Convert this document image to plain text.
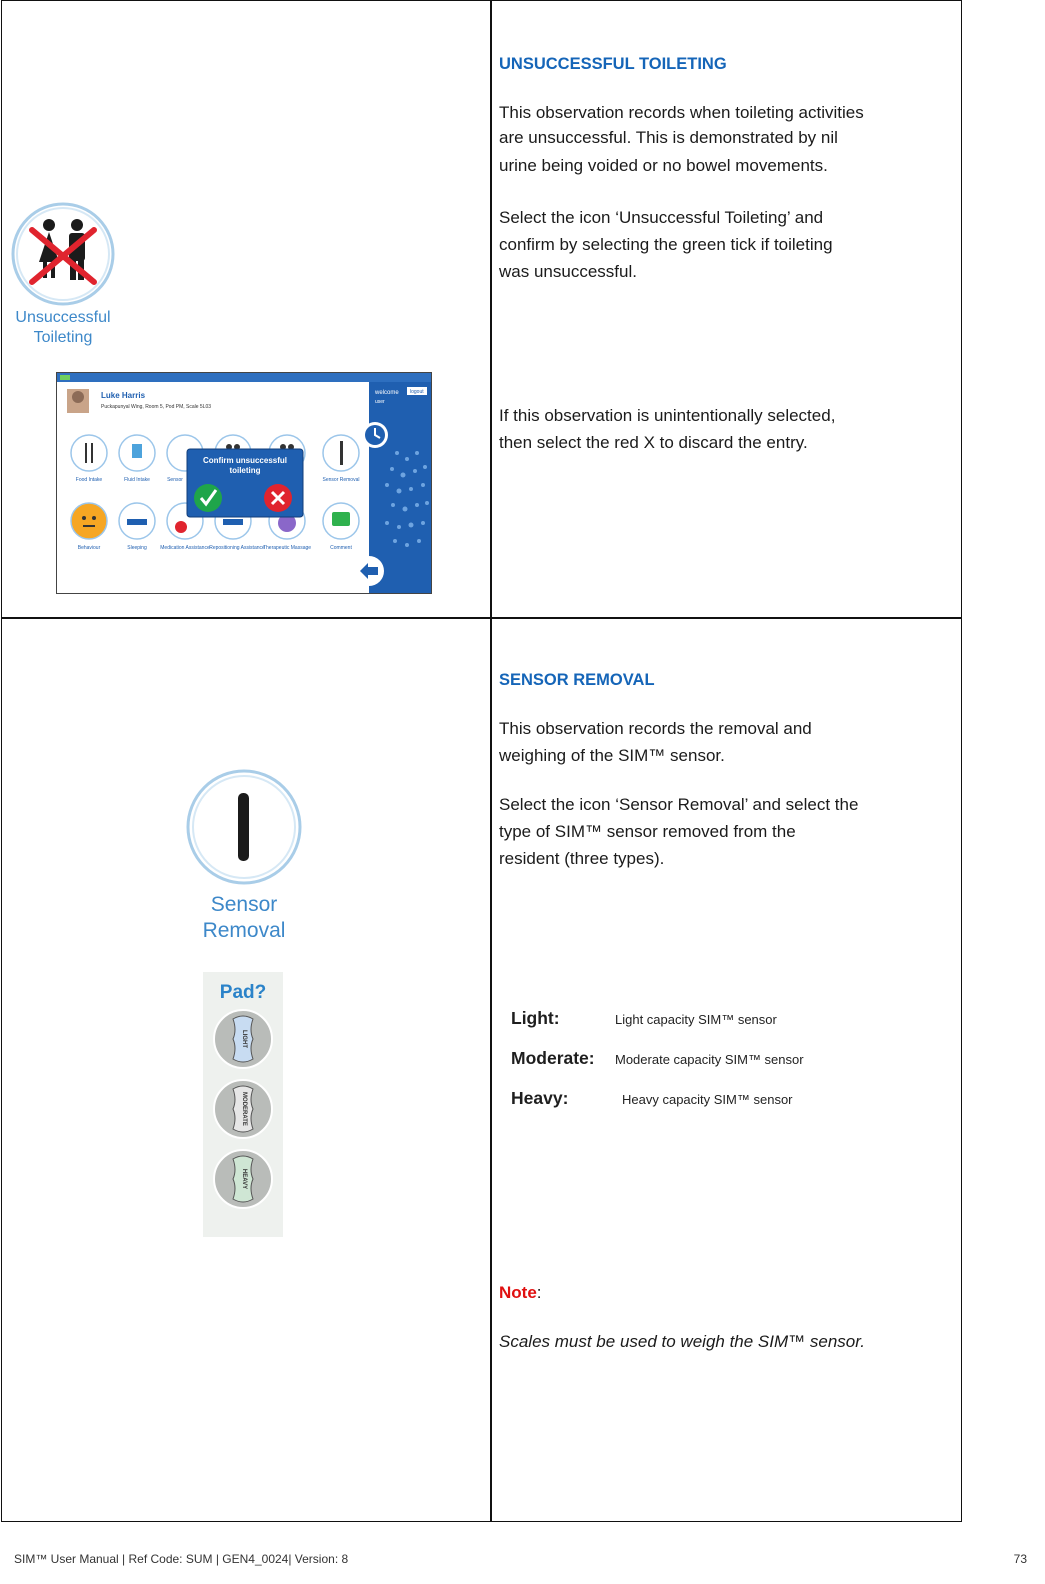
Unsuccessful
Toileting
welcome logout
user
Luke Harris
Puckapunyal Wing, Room 5, Pod PM, Scale 5L03
Food Intake	Fluid Intake	Sensor	Sensor Removal
Behaviour	Sleeping	Medication Assistance Repositioning Assistance
Therapeutic Massage	Comment
Confirm unsuccessful
toileting
UNSUCCESSFUL TOILETING
This observation records when toileting activities
are unsuccessful. This is demonstrated by nil
urine being voided or no bowel movements.
Select the icon ‘Unsuccessful Toileting’ and
confirm by selecting the green tick if toileting
was unsuccessful.
If this observation is unintentionally selected,
then select the red X to discard the entry.
Sensor
Removal
Pad?
LIGHT
MODERATE
HEAVY
SENSOR REMOVAL
This observation records the removal and
weighing of the SIM™ sensor.
Select the icon ‘Sensor Removal’ and select the
type of SIM™ sensor removed from the
resident (three types).
Light:	Light capacity SIM™ sensor
Moderate:	Moderate capacity SIM™ sensor
Heavy:	Heavy capacity SIM™ sensor
Note:
Scales must be used to weigh the SIM™ sensor.
SIM™ User Manual | Ref Code: SUM | GEN4_0024| Version: 8	73
